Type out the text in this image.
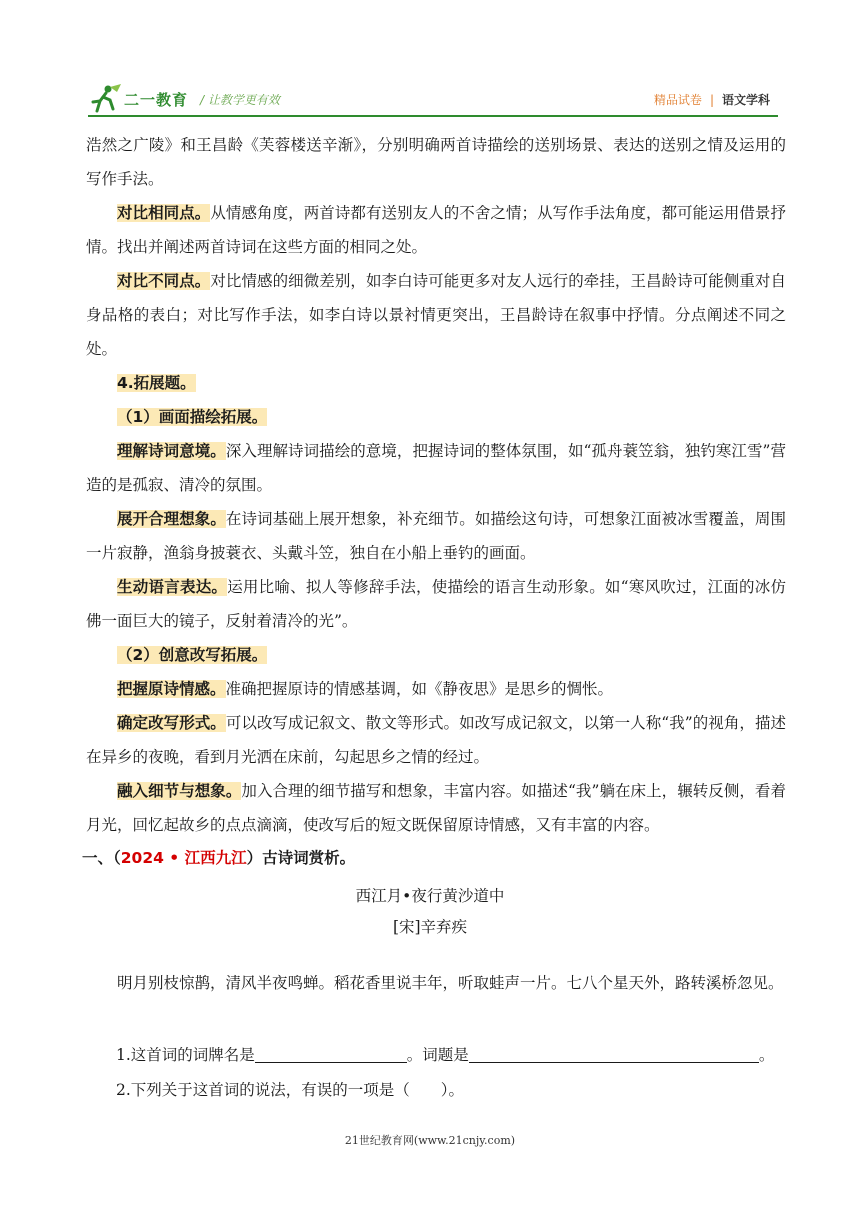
二一教育 / 让教学更有效	精品试卷 | 语文学科

浩然之广陵》和王昌龄《芙蓉楼送辛渐》，分别明确两首诗描绘的送别场景、表达的送别之情及运用的写作手法。

对比相同点。从情感角度，两首诗都有送别友人的不舍之情；从写作手法角度，都可能运用借景抒情。找出并阐述两首诗词在这些方面的相同之处。

对比不同点。对比情感的细微差别，如李白诗可能更多对友人远行的牵挂，王昌龄诗可能侧重对自身品格的表白；对比写作手法，如李白诗以景衬情更突出，王昌龄诗在叙事中抒情。分点阐述不同之处。

4.拓展题。

（1）画面描绘拓展。

理解诗词意境。深入理解诗词描绘的意境，把握诗词的整体氛围，如“孤舟蓑笠翁，独钓寒江雪”营造的是孤寂、清冷的氛围。

展开合理想象。在诗词基础上展开想象，补充细节。如描绘这句诗，可想象江面被冰雪覆盖，周围一片寂静，渔翁身披蓑衣、头戴斗笠，独自在小船上垂钓的画面。

生动语言表达。运用比喻、拟人等修辞手法，使描绘的语言生动形象。如“寒风吹过，江面的冰仿佛一面巨大的镜子，反射着清冷的光”。

（2）创意改写拓展。

把握原诗情感。准确把握原诗的情感基调，如《静夜思》是思乡的惆怅。

确定改写形式。可以改写成记叙文、散文等形式。如改写成记叙文，以第一人称“我”的视角，描述在异乡的夜晚，看到月光洒在床前，勾起思乡之情的经过。

融入细节与想象。加入合理的细节描写和想象，丰富内容。如描述“我”躺在床上，辗转反侧，看着月光，回忆起故乡的点点滴滴，使改写后的短文既保留原诗情感，又有丰富的内容。

一、（2024 • 江西九江）古诗词赏析。
西江月•夜行黄沙道中
[宋]辛弃疾

明月别枝惊鹊，清风半夜鸣蝉。稻花香里说丰年，听取蛙声一片。七八个星天外，路转溪桥忽见。

1.这首词的词牌名是	。词题是	。
2.下列关于这首词的说法，有误的一项是（　　）。
21世纪教育网(www.21cnjy.com)
